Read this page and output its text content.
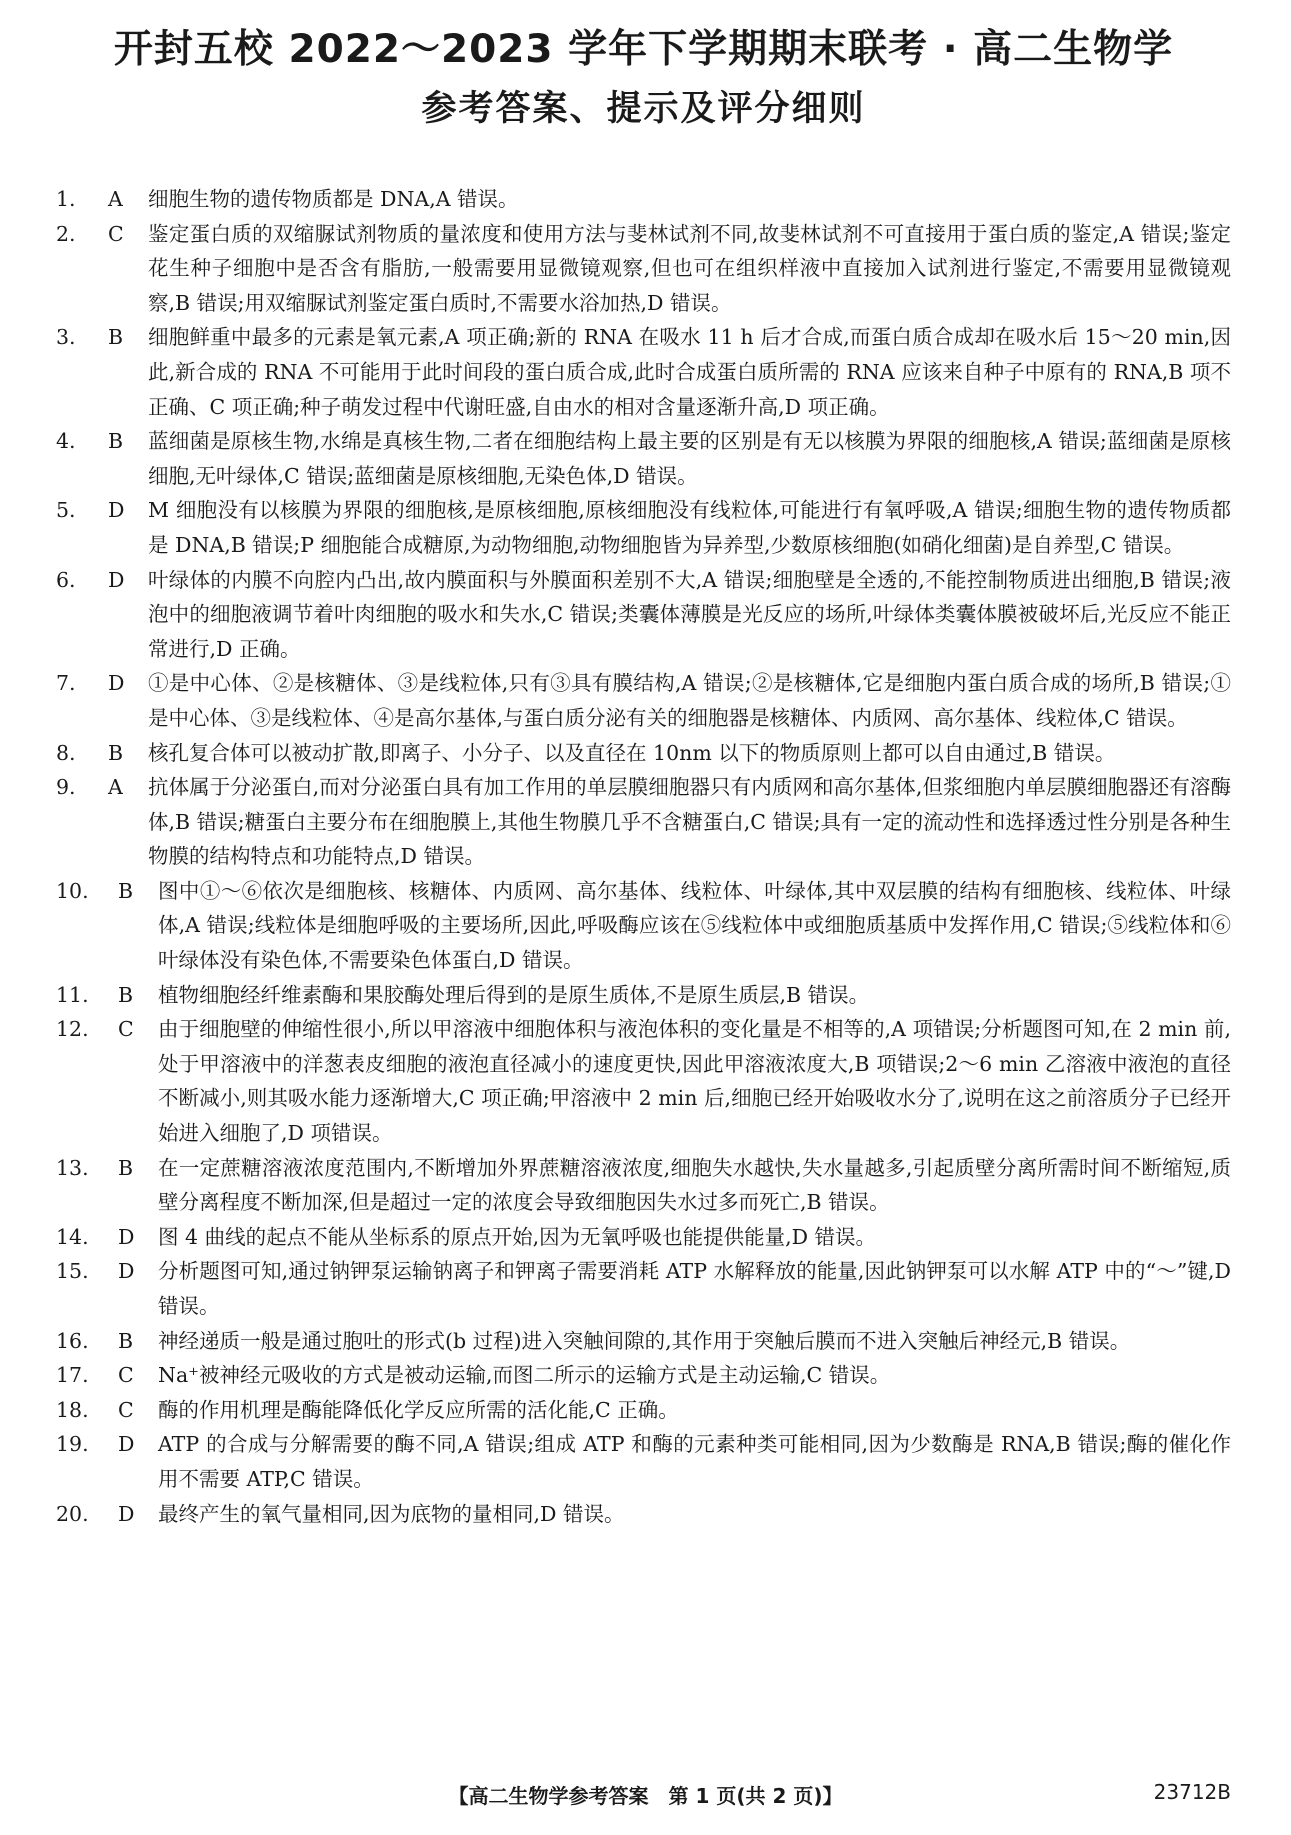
开封五校 2022～2023 学年下学期期末联考 · 高二生物学
参考答案、提示及评分细则
1.	A	细胞生物的遗传物质都是 DNA,A 错误。
2.	C	鉴定蛋白质的双缩脲试剂物质的量浓度和使用方法与斐林试剂不同,故斐林试剂不可直接用于蛋白质的鉴定,A 错误;鉴定花生种子细胞中是否含有脂肪,一般需要用显微镜观察,但也可在组织样液中直接加入试剂进行鉴定,不需要用显微镜观察,B 错误;用双缩脲试剂鉴定蛋白质时,不需要水浴加热,D 错误。
3.	B	细胞鲜重中最多的元素是氧元素,A 项正确;新的 RNA 在吸水 11 h 后才合成,而蛋白质合成却在吸水后 15～20 min,因此,新合成的 RNA 不可能用于此时间段的蛋白质合成,此时合成蛋白质所需的 RNA 应该来自种子中原有的 RNA,B 项不正确、C 项正确;种子萌发过程中代谢旺盛,自由水的相对含量逐渐升高,D 项正确。
4.	B	蓝细菌是原核生物,水绵是真核生物,二者在细胞结构上最主要的区别是有无以核膜为界限的细胞核,A 错误;蓝细菌是原核细胞,无叶绿体,C 错误;蓝细菌是原核细胞,无染色体,D 错误。
5.	D	M 细胞没有以核膜为界限的细胞核,是原核细胞,原核细胞没有线粒体,可能进行有氧呼吸,A 错误;细胞生物的遗传物质都是 DNA,B 错误;P 细胞能合成糖原,为动物细胞,动物细胞皆为异养型,少数原核细胞(如硝化细菌)是自养型,C 错误。
6.	D	叶绿体的内膜不向腔内凸出,故内膜面积与外膜面积差别不大,A 错误;细胞壁是全透的,不能控制物质进出细胞,B 错误;液泡中的细胞液调节着叶肉细胞的吸水和失水,C 错误;类囊体薄膜是光反应的场所,叶绿体类囊体膜被破坏后,光反应不能正常进行,D 正确。
7.	D	①是中心体、②是核糖体、③是线粒体,只有③具有膜结构,A 错误;②是核糖体,它是细胞内蛋白质合成的场所,B 错误;①是中心体、③是线粒体、④是高尔基体,与蛋白质分泌有关的细胞器是核糖体、内质网、高尔基体、线粒体,C 错误。
8.	B	核孔复合体可以被动扩散,即离子、小分子、以及直径在 10nm 以下的物质原则上都可以自由通过,B 错误。
9.	A	抗体属于分泌蛋白,而对分泌蛋白具有加工作用的单层膜细胞器只有内质网和高尔基体,但浆细胞内单层膜细胞器还有溶酶体,B 错误;糖蛋白主要分布在细胞膜上,其他生物膜几乎不含糖蛋白,C 错误;具有一定的流动性和选择透过性分别是各种生物膜的结构特点和功能特点,D 错误。
10.	B	图中①～⑥依次是细胞核、核糖体、内质网、高尔基体、线粒体、叶绿体,其中双层膜的结构有细胞核、线粒体、叶绿体,A 错误;线粒体是细胞呼吸的主要场所,因此,呼吸酶应该在⑤线粒体中或细胞质基质中发挥作用,C 错误;⑤线粒体和⑥叶绿体没有染色体,不需要染色体蛋白,D 错误。
11.	B	植物细胞经纤维素酶和果胶酶处理后得到的是原生质体,不是原生质层,B 错误。
12.	C	由于细胞壁的伸缩性很小,所以甲溶液中细胞体积与液泡体积的变化量是不相等的,A 项错误;分析题图可知,在 2 min 前,处于甲溶液中的洋葱表皮细胞的液泡直径减小的速度更快,因此甲溶液浓度大,B 项错误;2～6 min 乙溶液中液泡的直径不断减小,则其吸水能力逐渐增大,C 项正确;甲溶液中 2 min 后,细胞已经开始吸收水分了,说明在这之前溶质分子已经开始进入细胞了,D 项错误。
13.	B	在一定蔗糖溶液浓度范围内,不断增加外界蔗糖溶液浓度,细胞失水越快,失水量越多,引起质壁分离所需时间不断缩短,质壁分离程度不断加深,但是超过一定的浓度会导致细胞因失水过多而死亡,B 错误。
14.	D	图 4 曲线的起点不能从坐标系的原点开始,因为无氧呼吸也能提供能量,D 错误。
15.	D	分析题图可知,通过钠钾泵运输钠离子和钾离子需要消耗 ATP 水解释放的能量,因此钠钾泵可以水解 ATP 中的“～”键,D 错误。
16.	B	神经递质一般是通过胞吐的形式(b 过程)进入突触间隙的,其作用于突触后膜而不进入突触后神经元,B 错误。
17.	C	Na⁺被神经元吸收的方式是被动运输,而图二所示的运输方式是主动运输,C 错误。
18.	C	酶的作用机理是酶能降低化学反应所需的活化能,C 正确。
19.	D	ATP 的合成与分解需要的酶不同,A 错误;组成 ATP 和酶的元素种类可能相同,因为少数酶是 RNA,B 错误;酶的催化作用不需要 ATP,C 错误。
20.	D	最终产生的氧气量相同,因为底物的量相同,D 错误。
【高二生物学参考答案　第 1 页(共 2 页)】	23712B
